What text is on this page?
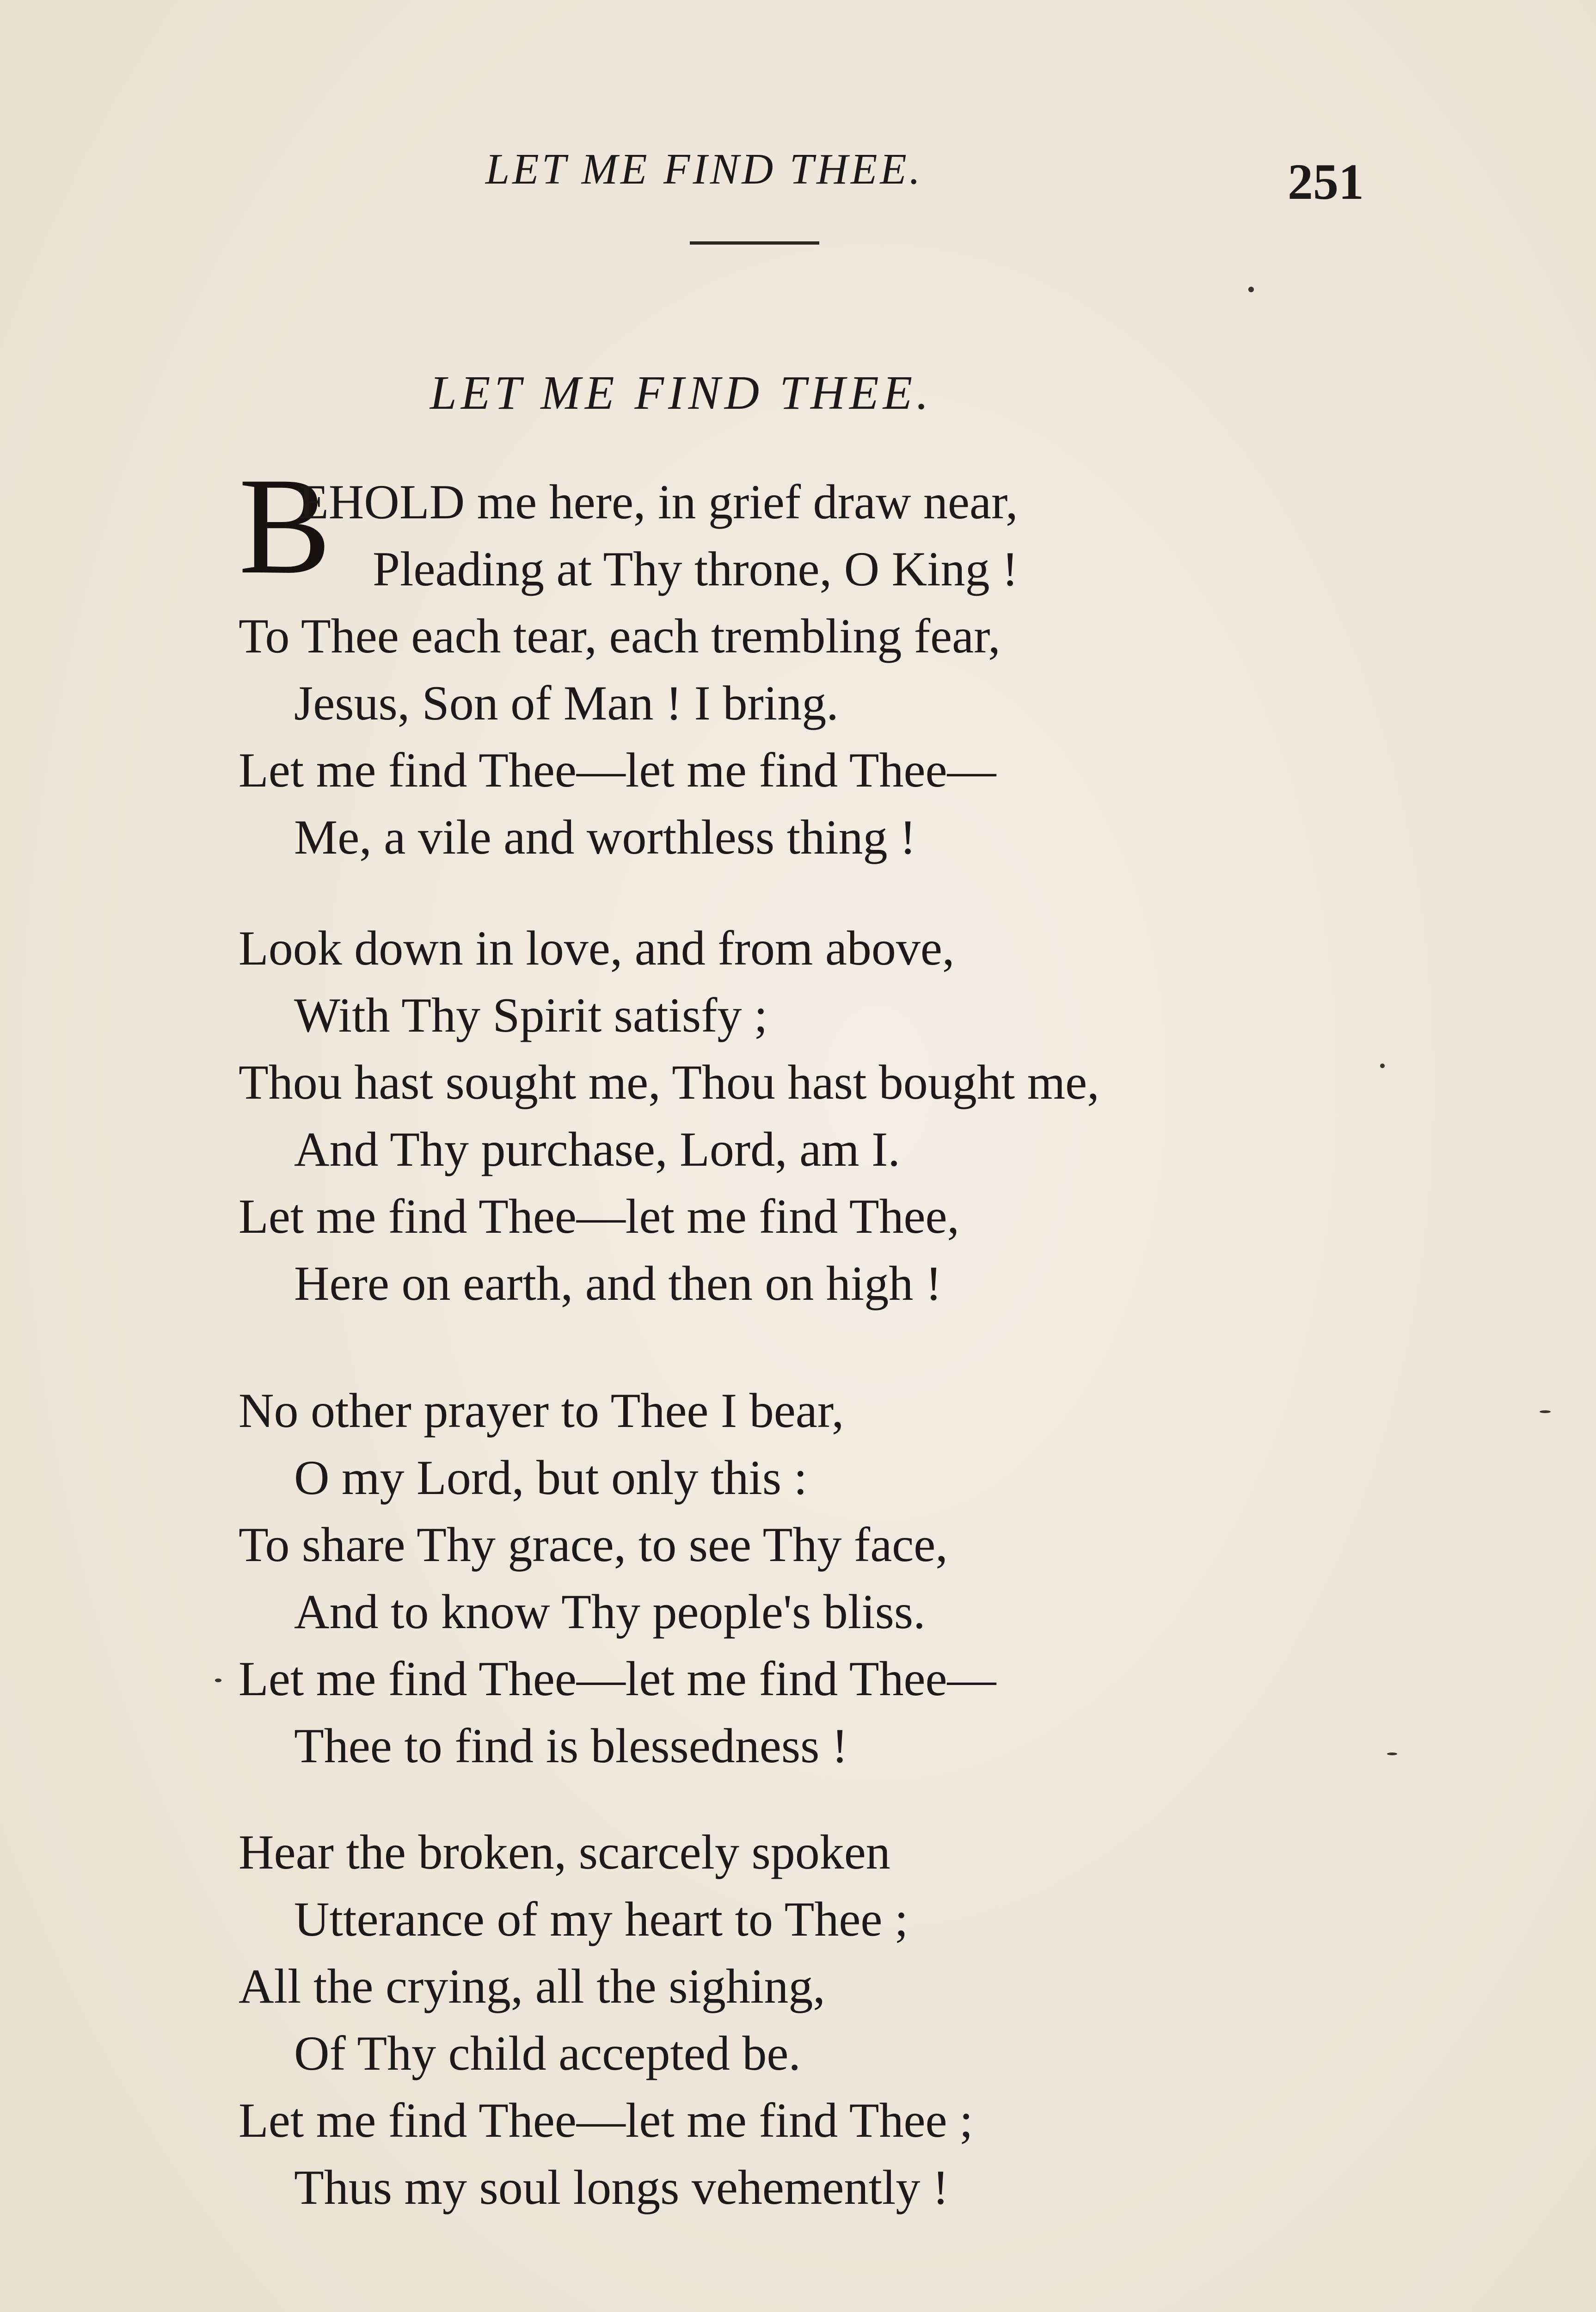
LET ME FIND THEE.	251
LET ME FIND THEE.
B
EHOLD me here, in grief draw near,
Pleading at Thy throne, O King !
To Thee each tear, each trembling fear,
Jesus, Son of Man ! I bring.
Let me find Thee—let me find Thee—
Me, a vile and worthless thing !
Look down in love, and from above,
With Thy Spirit satisfy ;
Thou hast sought me, Thou hast bought me,
And Thy purchase, Lord, am I.
Let me find Thee—let me find Thee,
Here on earth, and then on high !
No other prayer to Thee I bear,
O my Lord, but only this :
To share Thy grace, to see Thy face,
And to know Thy people's bliss.
Let me find Thee—let me find Thee—
Thee to find is blessedness !
Hear the broken, scarcely spoken
Utterance of my heart to Thee ;
All the crying, all the sighing,
Of Thy child accepted be.
Let me find Thee—let me find Thee ;
Thus my soul longs vehemently !
